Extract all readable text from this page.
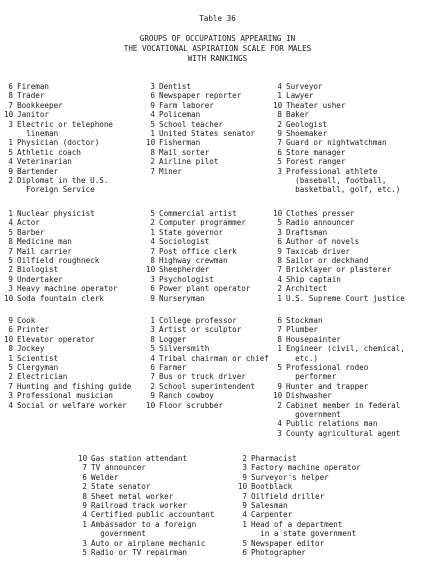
Table 36
GROUPS OF OCCUPATIONS APPEARING IN
THE VOCATIONAL ASPIRATION SCALE FOR MALES
WITH RANKINGS
6 Fireman
8 Trader
7 Bookkeeper
10 Janitor
3 Electric or telephone
lineman
1 Physician (doctor)
5 Athletic coach
4 Veterinarian
9 Bartender
2 Diplomat in the U.S.
Foreign Service
3 Dentist
6 Newspaper reporter
9 Farm laborer
4 Policeman
5 School teacher
1 United States senator
10 Fisherman
8 Mail sorter
2 Airline pilot
7 Miner
4 Surveyor
1 Lawyer
10 Theater usher
8 Baker
2 Geologist
9 Shoemaker
7 Guard or nightwatchman
6 Store manager
5 Forest ranger
3 Professional athlete
(baseball, football,
basketball, golf, etc.)
1 Nuclear physicist
4 Actor
5 Barber
8 Medicine man
7 Mail carrier
5 Oilfield roughneck
2 Biologist
9 Undertaker
3 Heavy machine operator
10 Soda fountain clerk
5 Commercial artist
2 Computer programmer
1 State governor
4 Sociologist
7 Post office clerk
8 Highway crewman
10 Sheepherder
3 Psychologist
6 Power plant operator
9 Nurseryman
10 Clothes presser
5 Radio announcer
3 Draftsman
6 Author of novels
9 Taxicab driver
8 Sailor or deckhand
7 Bricklayer or plasterer
4 Ship captain
2 Architect
1 U.S. Supreme Court justice
9 Cook
6 Printer
10 Elevator operator
8 Jockey
1 Scientist
5 Clergyman
2 Electrician
7 Hunting and fishing guide
3 Professional musician
4 Social or welfare worker
1 College professor
3 Artist or sculptor
8 Logger
5 Silversmith
4 Tribal chairman or chief
6 Farmer
7 Bus or truck driver
2 School superintendent
9 Ranch cowboy
10 Floor scrubber
6 Stockman
7 Plumber
8 Housepainter
1 Engineer (civil, chemical,
etc.)
5 Professional rodeo
performer
9 Hunter and trapper
10 Dishwasher
2 Cabinet member in federal
government
4 Public relations man
3 County agricultural agent
10 Gas station attendant
7 TV announcer
6 Welder
2 State senator
8 Sheet metal worker
9 Railroad track worker
4 Certified public accountant
1 Ambassador to a foreign
government
3 Auto or airplane mechanic
5 Radio or TV repairman
2 Pharmacist
3 Factory machine operator
9 Surveyor's helper
10 Bootblack
7 Oilfield driller
9 Salesman
4 Carpenter
1 Head of a department
in a state government
5 Newspaper editor
6 Photographer
